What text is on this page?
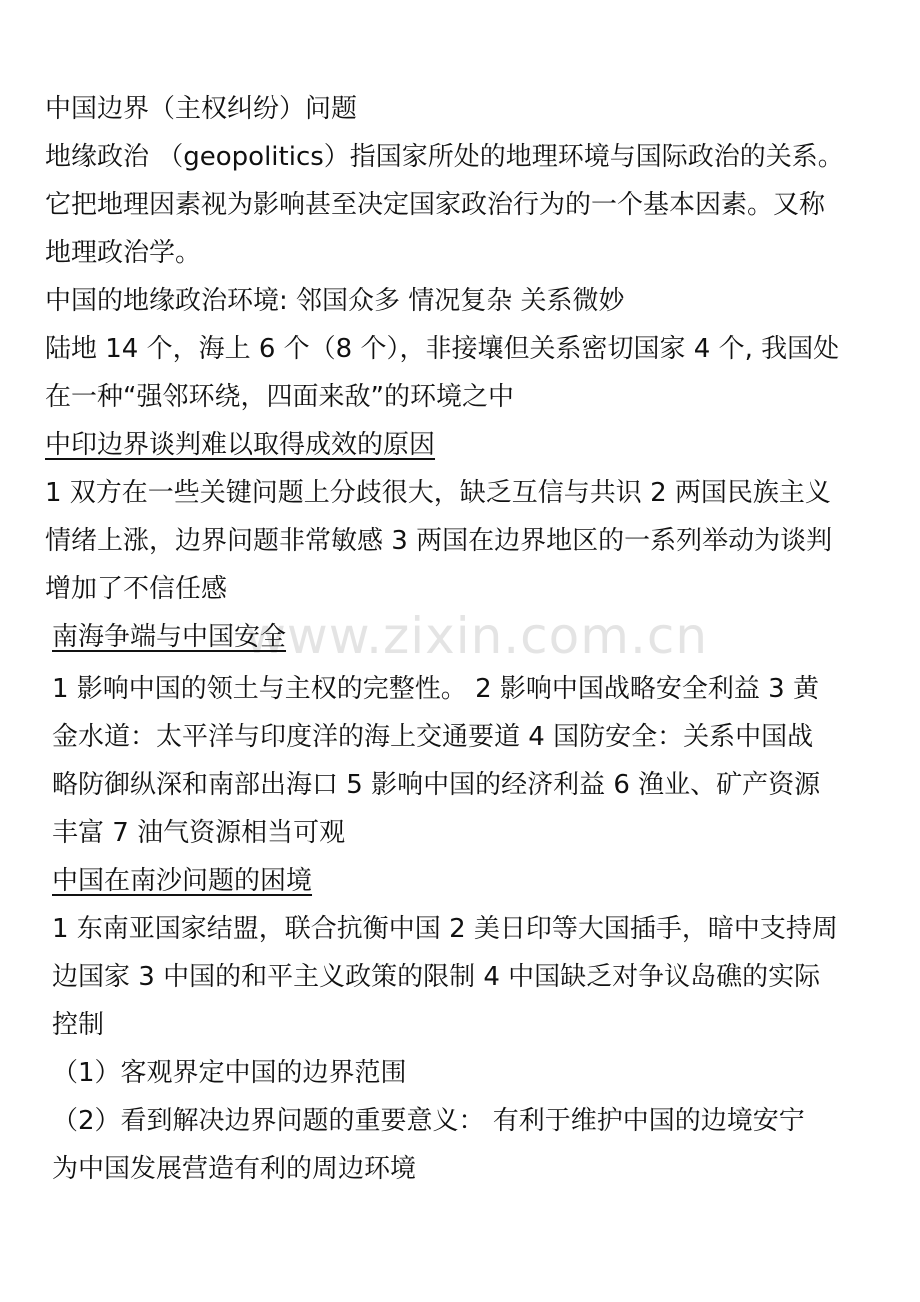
www.zixin.com.cn
中国边界（主权纠纷）问题
地缘政治 （geopolitics）指国家所处的地理环境与国际政治的关系。
它把地理因素视为影响甚至决定国家政治行为的一个基本因素。又称
地理政治学。
中国的地缘政治环境: 邻国众多 情况复杂 关系微妙
陆地 14 个，海上 6 个（8 个），非接壤但关系密切国家 4 个, 我国处
在一种“强邻环绕，四面来敌”的环境之中
中印边界谈判难以取得成效的原因
1 双方在一些关键问题上分歧很大，缺乏互信与共识 2 两国民族主义
情绪上涨，边界问题非常敏感 3 两国在边界地区的一系列举动为谈判
增加了不信任感
南海争端与中国安全
1 影响中国的领土与主权的完整性。 2 影响中国战略安全利益 3 黄
金水道：太平洋与印度洋的海上交通要道 4 国防安全：关系中国战
略防御纵深和南部出海口 5 影响中国的经济利益 6 渔业、矿产资源
丰富 7 油气资源相当可观
中国在南沙问题的困境
1 东南亚国家结盟，联合抗衡中国 2 美日印等大国插手，暗中支持周
边国家 3 中国的和平主义政策的限制 4 中国缺乏对争议岛礁的实际
控制
（1）客观界定中国的边界范围
（2）看到解决边界问题的重要意义： 有利于维护中国的边境安宁
为中国发展营造有利的周边环境
